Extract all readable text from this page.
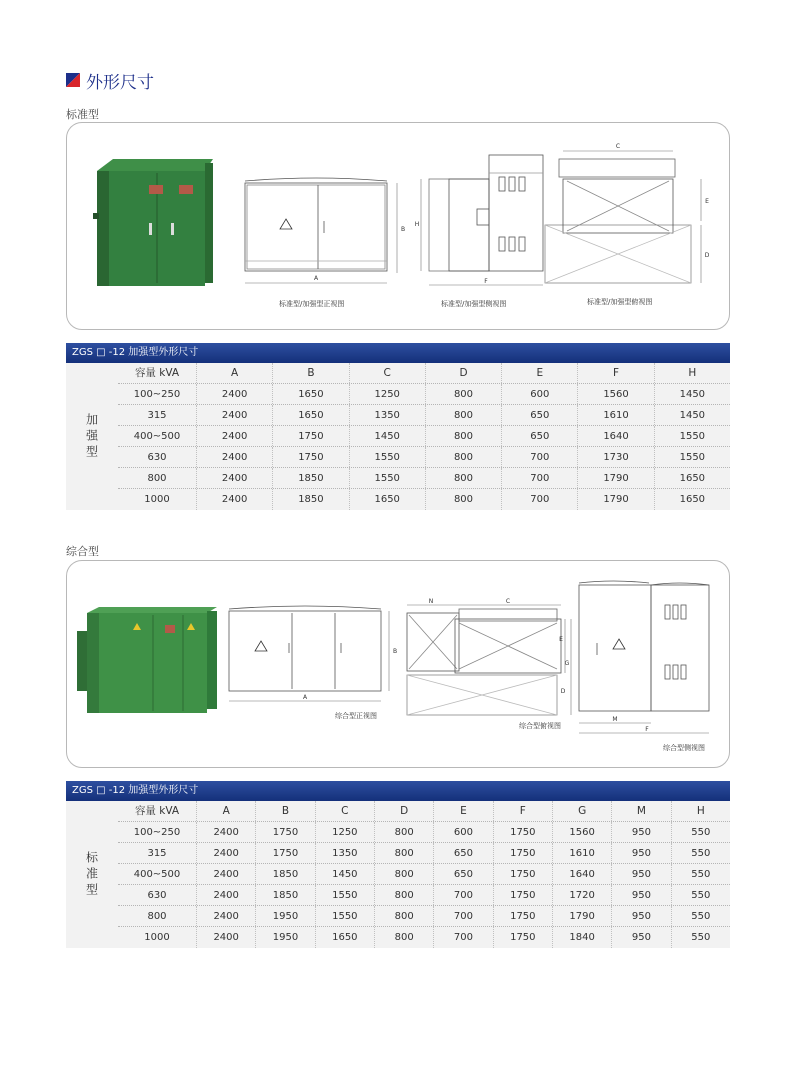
外形尺寸
标准型
A
B
H
F
C
E
D
标准型/加强型正视图	标准型/加强型侧视图	标准型/加强型俯视图
ZGS □ -12 加强型外形尺寸
加强型
容量 kVA	A	B	C	D	E	F	H
100~250	2400	1650	1250	800	600	1560	1450
315	2400	1650	1350	800	650	1610	1450
400~500	2400	1750	1450	800	650	1640	1550
630	2400	1750	1550	800	700	1730	1550
800	2400	1850	1550	800	700	1790	1650
1000	2400	1850	1650	800	700	1790	1650
综合型
A
B
N	C
E
G
D
M
F
综合型正视图
综合型俯视图
综合型侧视图
ZGS □ -12 加强型外形尺寸
标准型
容量 kVA	A	B	C	D	E	F	G	M	H
100~250	2400	1750	1250	800	600	1750	1560	950	550
315	2400	1750	1350	800	650	1750	1610	950	550
400~500	2400	1850	1450	800	650	1750	1640	950	550
630	2400	1850	1550	800	700	1750	1720	950	550
800	2400	1950	1550	800	700	1750	1790	950	550
1000	2400	1950	1650	800	700	1750	1840	950	550
